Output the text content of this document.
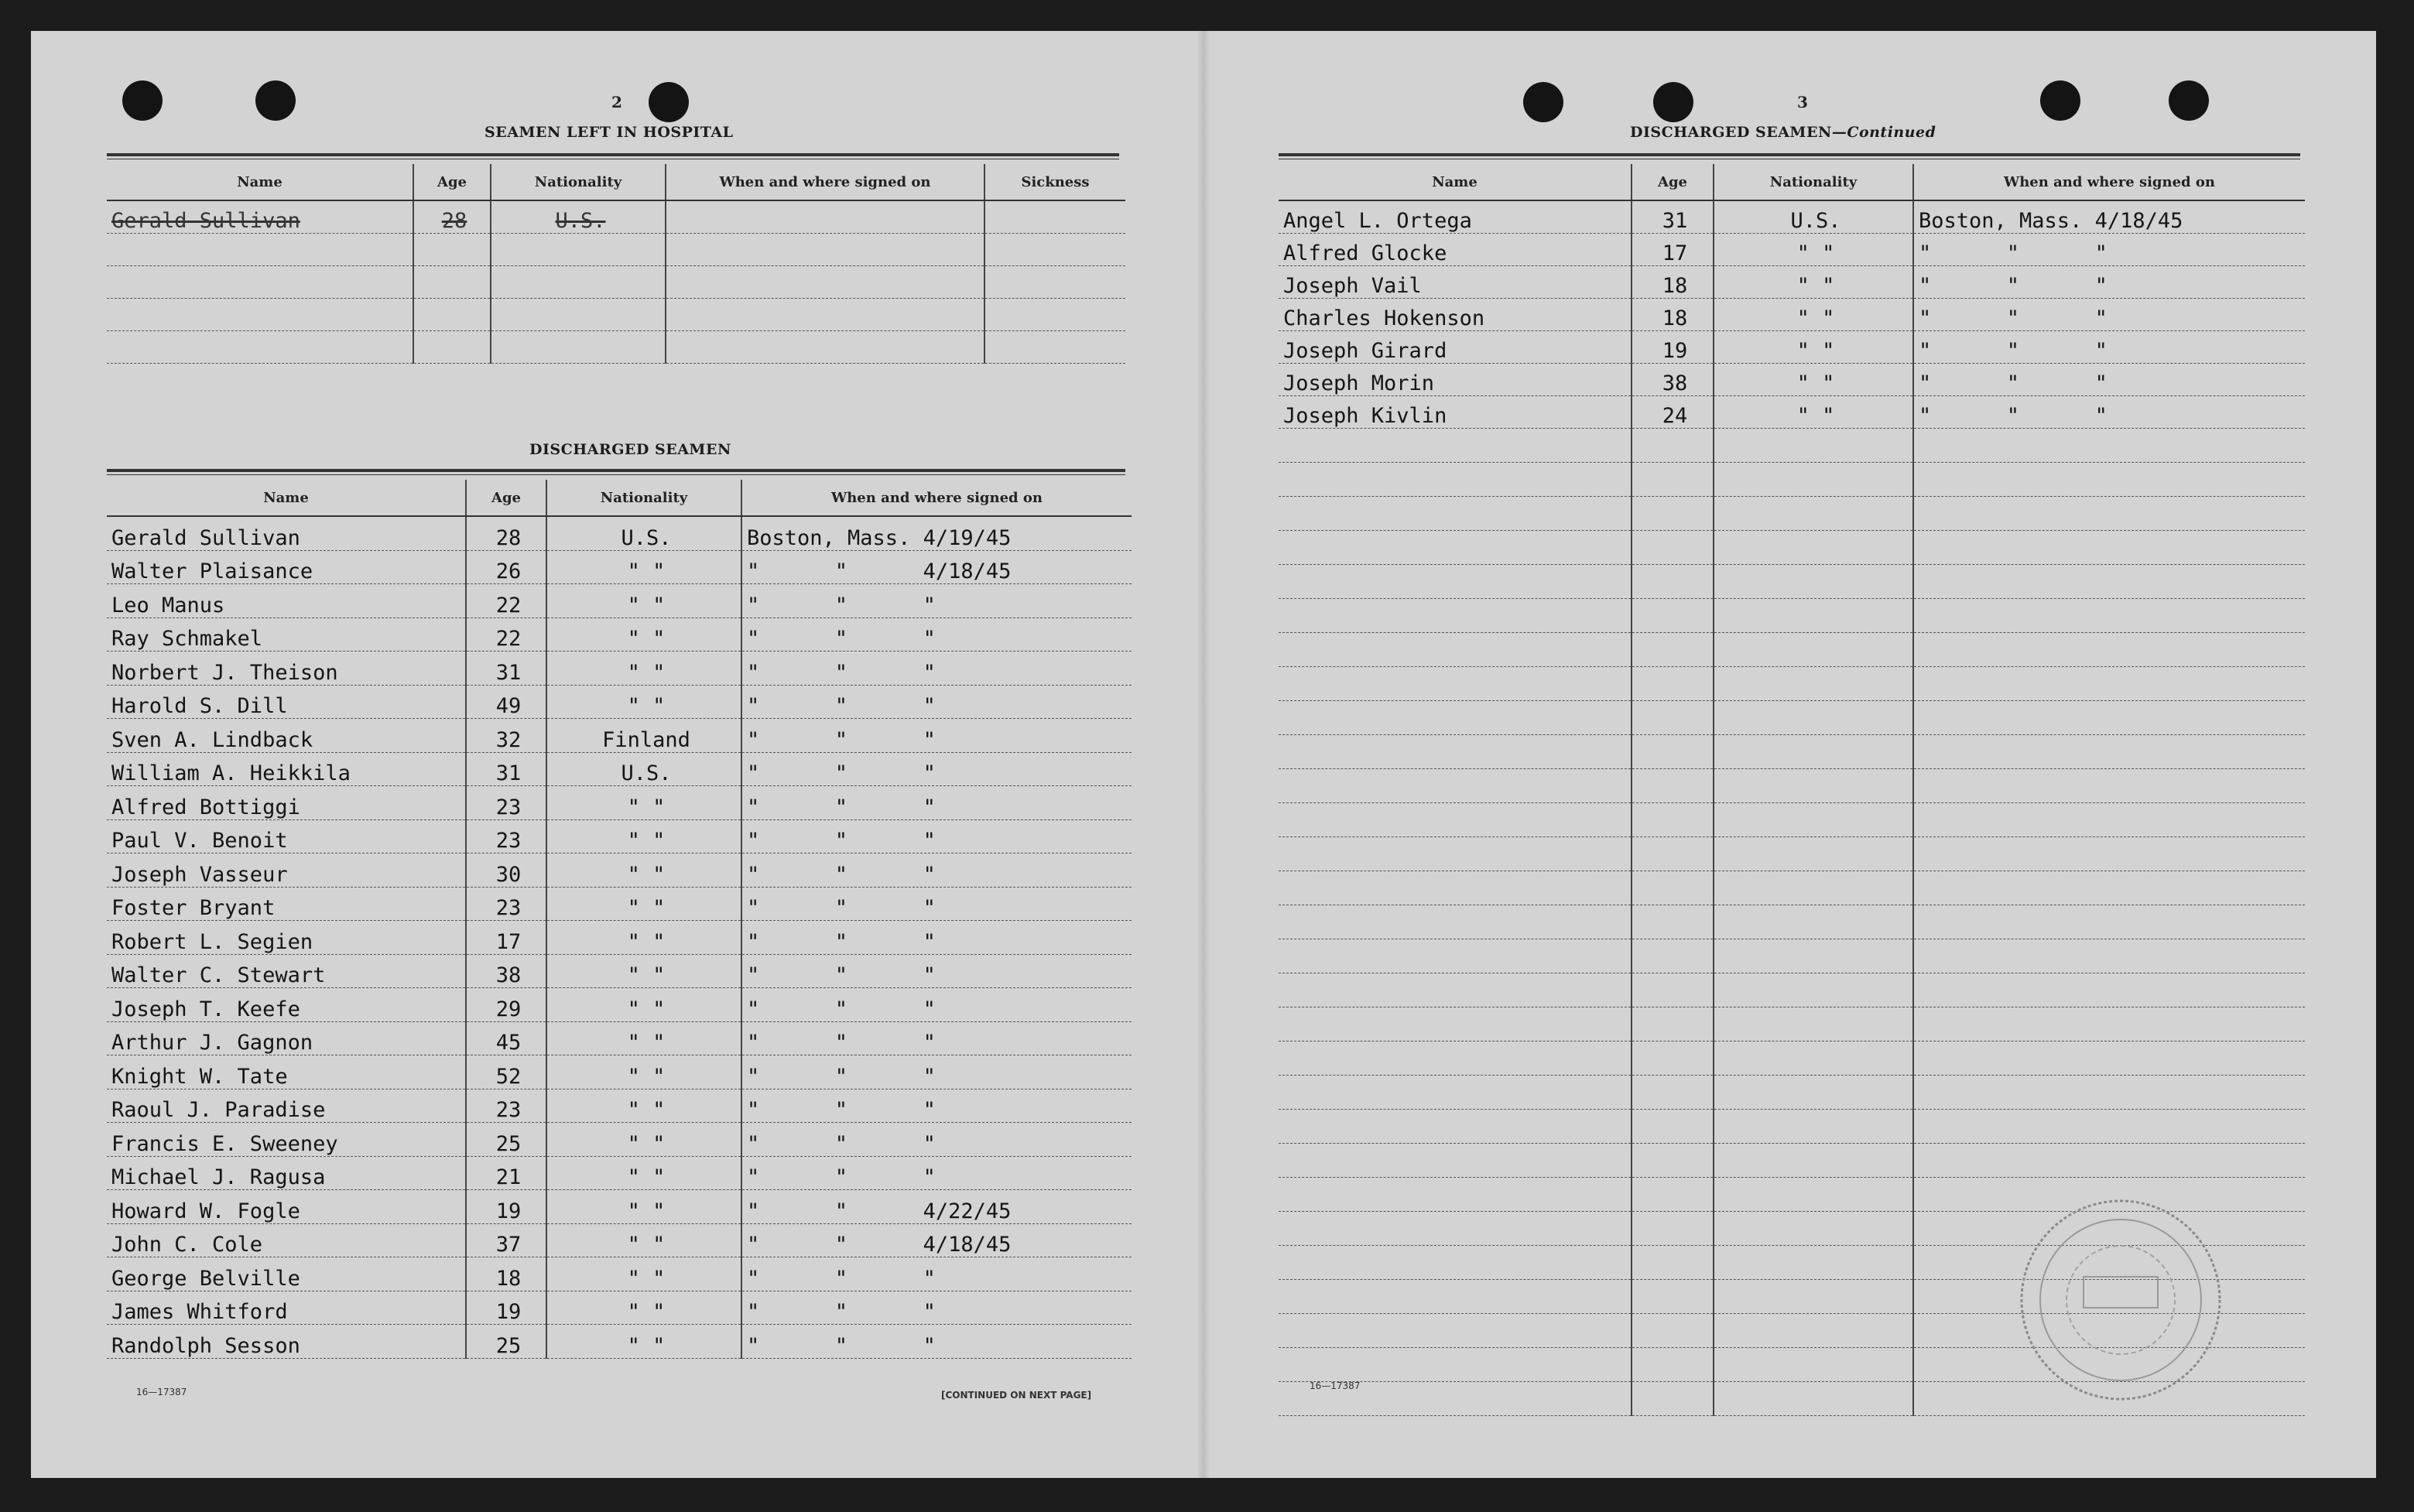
2
SEAMEN LEFT IN HOSPITAL
Name	Age	Nationality	When and where signed on	Sickness
Gerald Sullivan	28	U.S.		

DISCHARGED SEAMEN
Name	Age	Nationality	When and where signed on
Gerald Sullivan	28	U.S.	Boston, Mass. 4/19/45
Walter Plaisance	26	" "	"      "      4/18/45
Leo Manus	22	" "	"      "      "
Ray Schmakel	22	" "	"      "      "
Norbert J. Theison	31	" "	"      "      "
Harold S. Dill	49	" "	"      "      "
Sven A. Lindback	32	Finland	"      "      "
William A. Heikkila	31	U.S.	"      "      "
Alfred Bottiggi	23	" "	"      "      "
Paul V. Benoit	23	" "	"      "      "
Joseph Vasseur	30	" "	"      "      "
Foster Bryant	23	" "	"      "      "
Robert L. Segien	17	" "	"      "      "
Walter C. Stewart	38	" "	"      "      "
Joseph T. Keefe	29	" "	"      "      "
Arthur J. Gagnon	45	" "	"      "      "
Knight W. Tate	52	" "	"      "      "
Raoul J. Paradise	23	" "	"      "      "
Francis E. Sweeney	25	" "	"      "      "
Michael J. Ragusa	21	" "	"      "      "
Howard W. Fogle	19	" "	"      "      4/22/45
John C. Cole	37	" "	"      "      4/18/45
George Belville	18	" "	"      "      "
James Whitford	19	" "	"      "      "
Randolph Sesson	25	" "	"      "      "
16—17387	[CONTINUED ON NEXT PAGE]
3
DISCHARGED SEAMEN—Continued
Name	Age	Nationality	When and where signed on
Angel L. Ortega	31	U.S.	Boston, Mass. 4/18/45
Alfred Glocke	17	" "	"      "      "
Joseph Vail	18	" "	"      "      "
Charles Hokenson	18	" "	"      "      "
Joseph Girard	19	" "	"      "      "
Joseph Morin	38	" "	"      "      "
Joseph Kivlin	24	" "	"      "      "

16—17387
